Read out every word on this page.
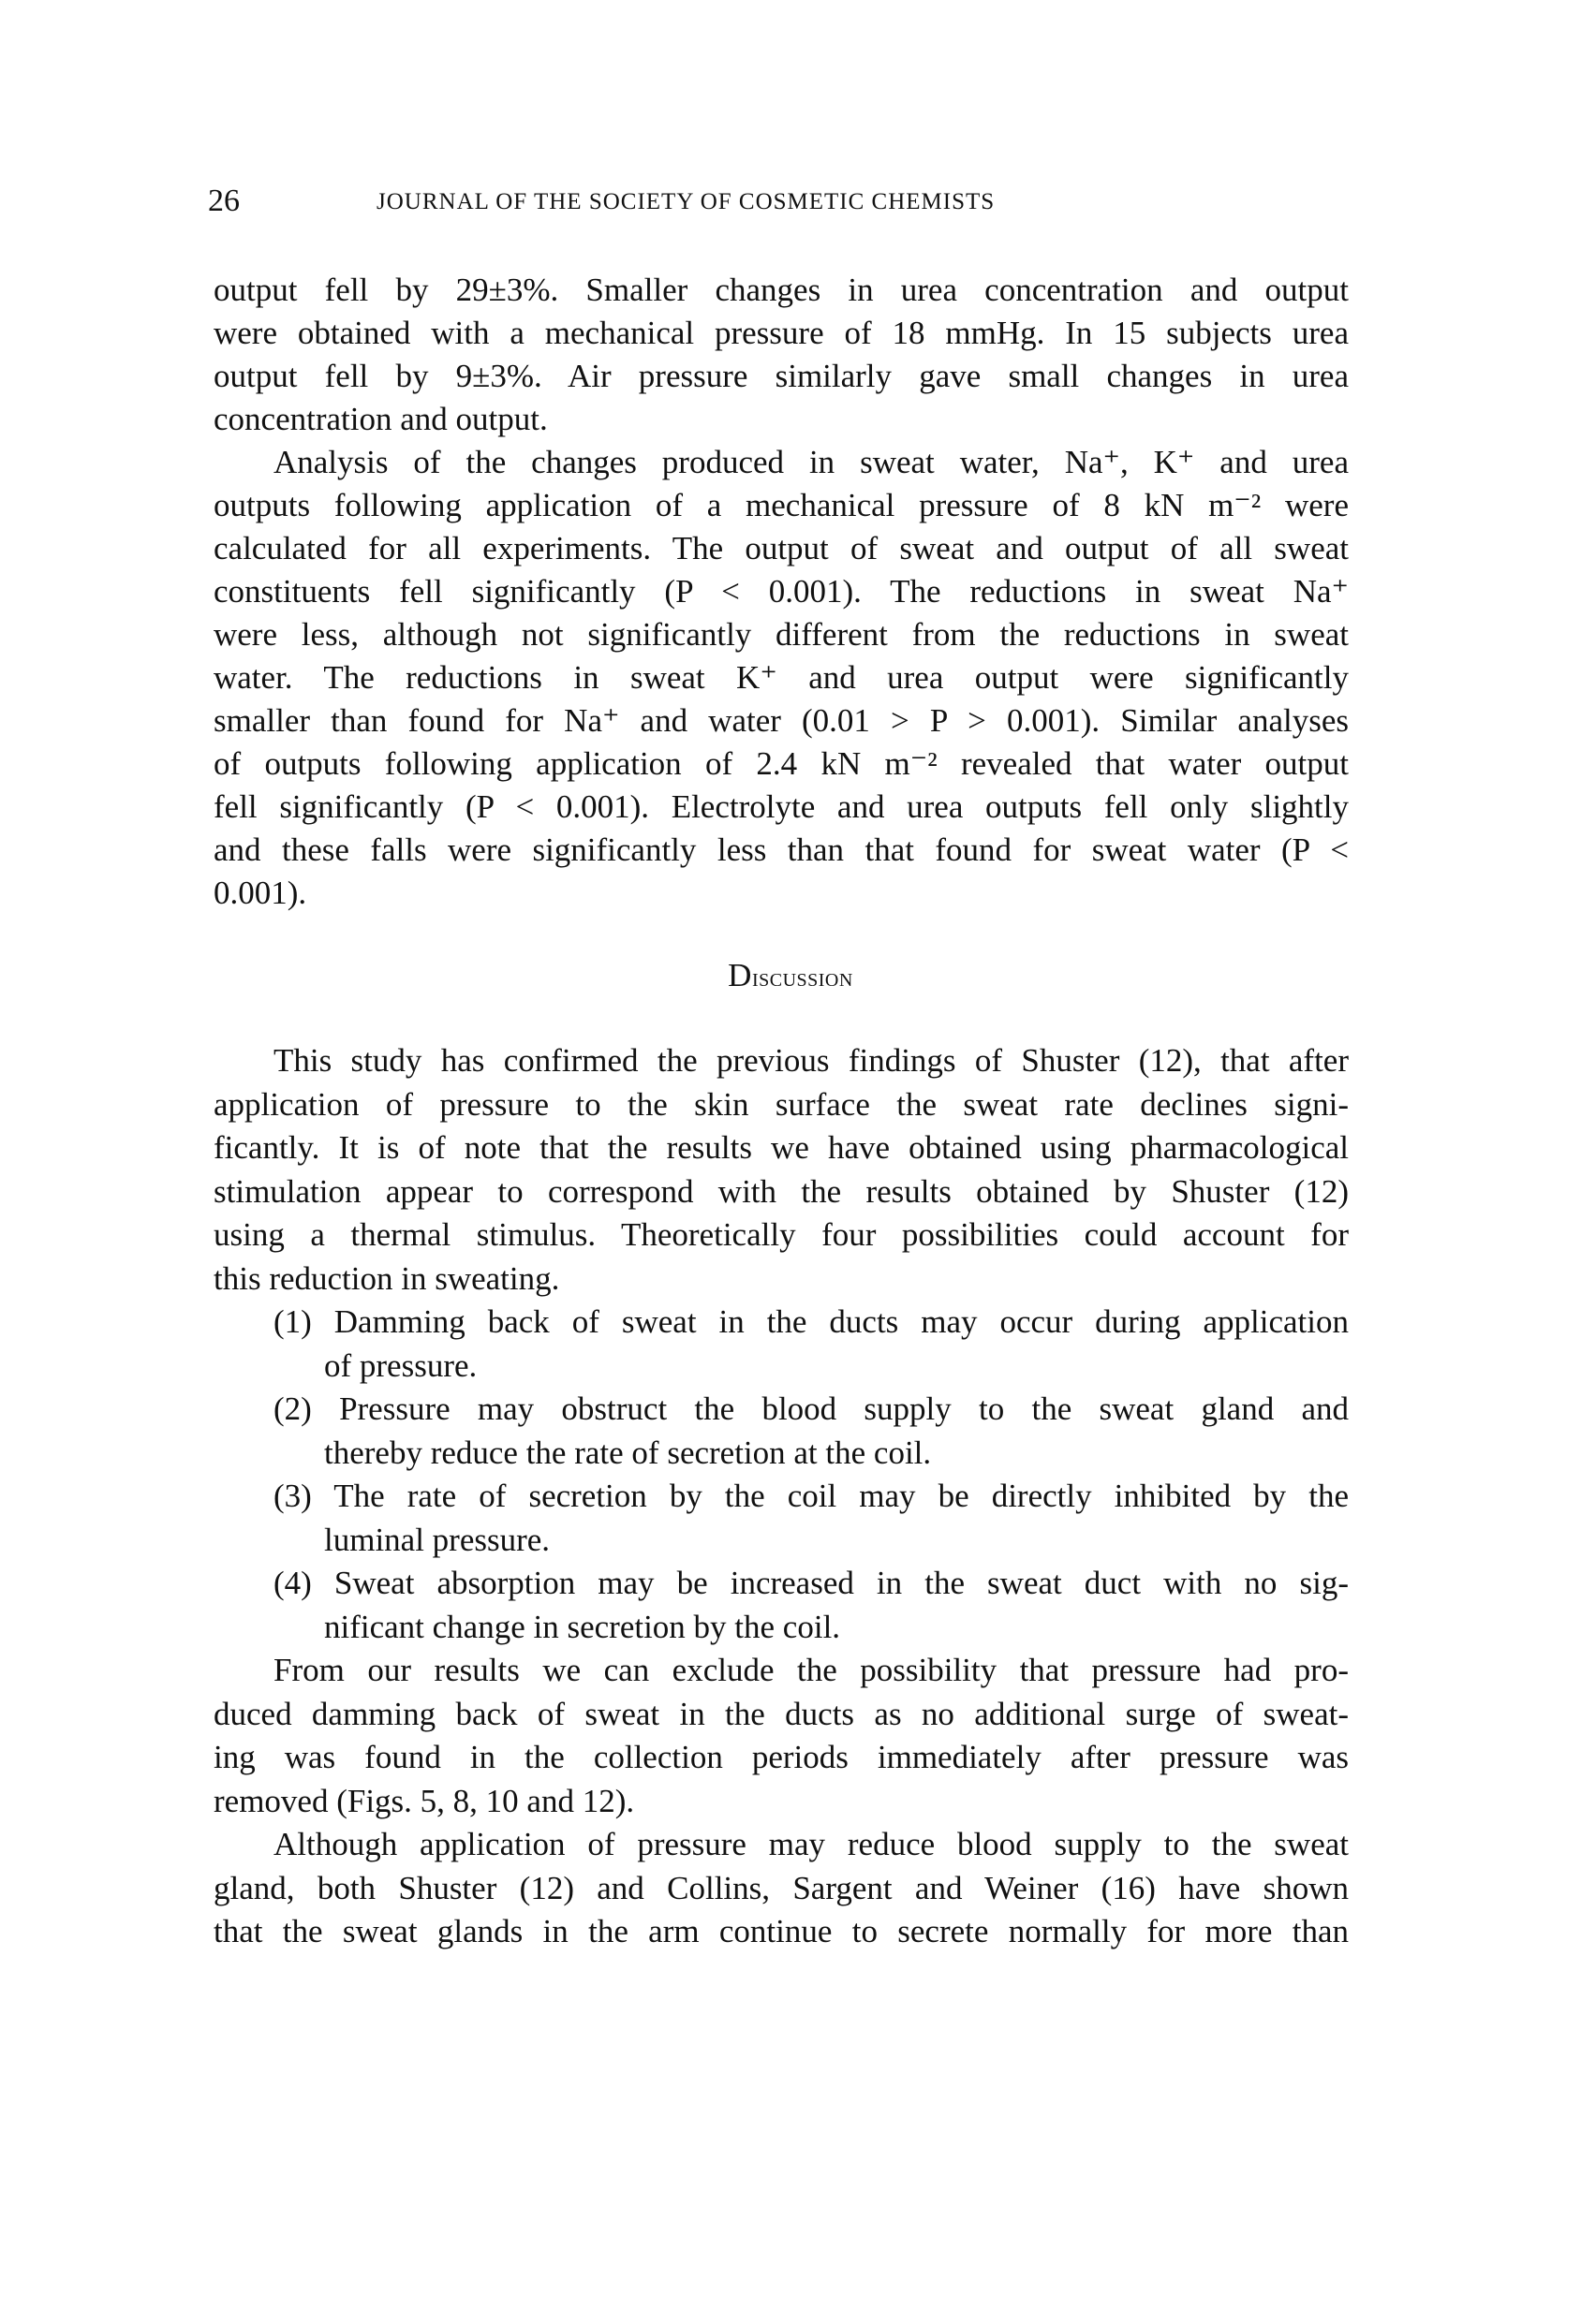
26	JOURNAL OF THE SOCIETY OF COSMETIC CHEMISTS
output fell by 29±3%. Smaller changes in urea concentration and output
were obtained with a mechanical pressure of 18 mmHg. In 15 subjects urea
output fell by 9±3%. Air pressure similarly gave small changes in urea
concentration and output.
Analysis of the changes produced in sweat water, Na⁺, K⁺ and urea
outputs following application of a mechanical pressure of 8 kN m⁻² were
calculated for all experiments. The output of sweat and output of all sweat
constituents fell significantly (P < 0.001). The reductions in sweat Na⁺
were less, although not significantly different from the reductions in sweat
water. The reductions in sweat K⁺ and urea output were significantly
smaller than found for Na⁺ and water (0.01 > P > 0.001). Similar analyses
of outputs following application of 2.4 kN m⁻² revealed that water output
fell significantly (P < 0.001). Electrolyte and urea outputs fell only slightly
and these falls were significantly less than that found for sweat water (P <
0.001).
Discussion
This study has confirmed the previous findings of Shuster (12), that after
application of pressure to the skin surface the sweat rate declines signi-
ficantly. It is of note that the results we have obtained using pharmacological
stimulation appear to correspond with the results obtained by Shuster (12)
using a thermal stimulus. Theoretically four possibilities could account for
this reduction in sweating.
(1) Damming back of sweat in the ducts may occur during application
of pressure.
(2) Pressure may obstruct the blood supply to the sweat gland and
thereby reduce the rate of secretion at the coil.
(3) The rate of secretion by the coil may be directly inhibited by the
luminal pressure.
(4) Sweat absorption may be increased in the sweat duct with no sig-
nificant change in secretion by the coil.
From our results we can exclude the possibility that pressure had pro-
duced damming back of sweat in the ducts as no additional surge of sweat-
ing was found in the collection periods immediately after pressure was
removed (Figs. 5, 8, 10 and 12).
Although application of pressure may reduce blood supply to the sweat
gland, both Shuster (12) and Collins, Sargent and Weiner (16) have shown
that the sweat glands in the arm continue to secrete normally for more than
